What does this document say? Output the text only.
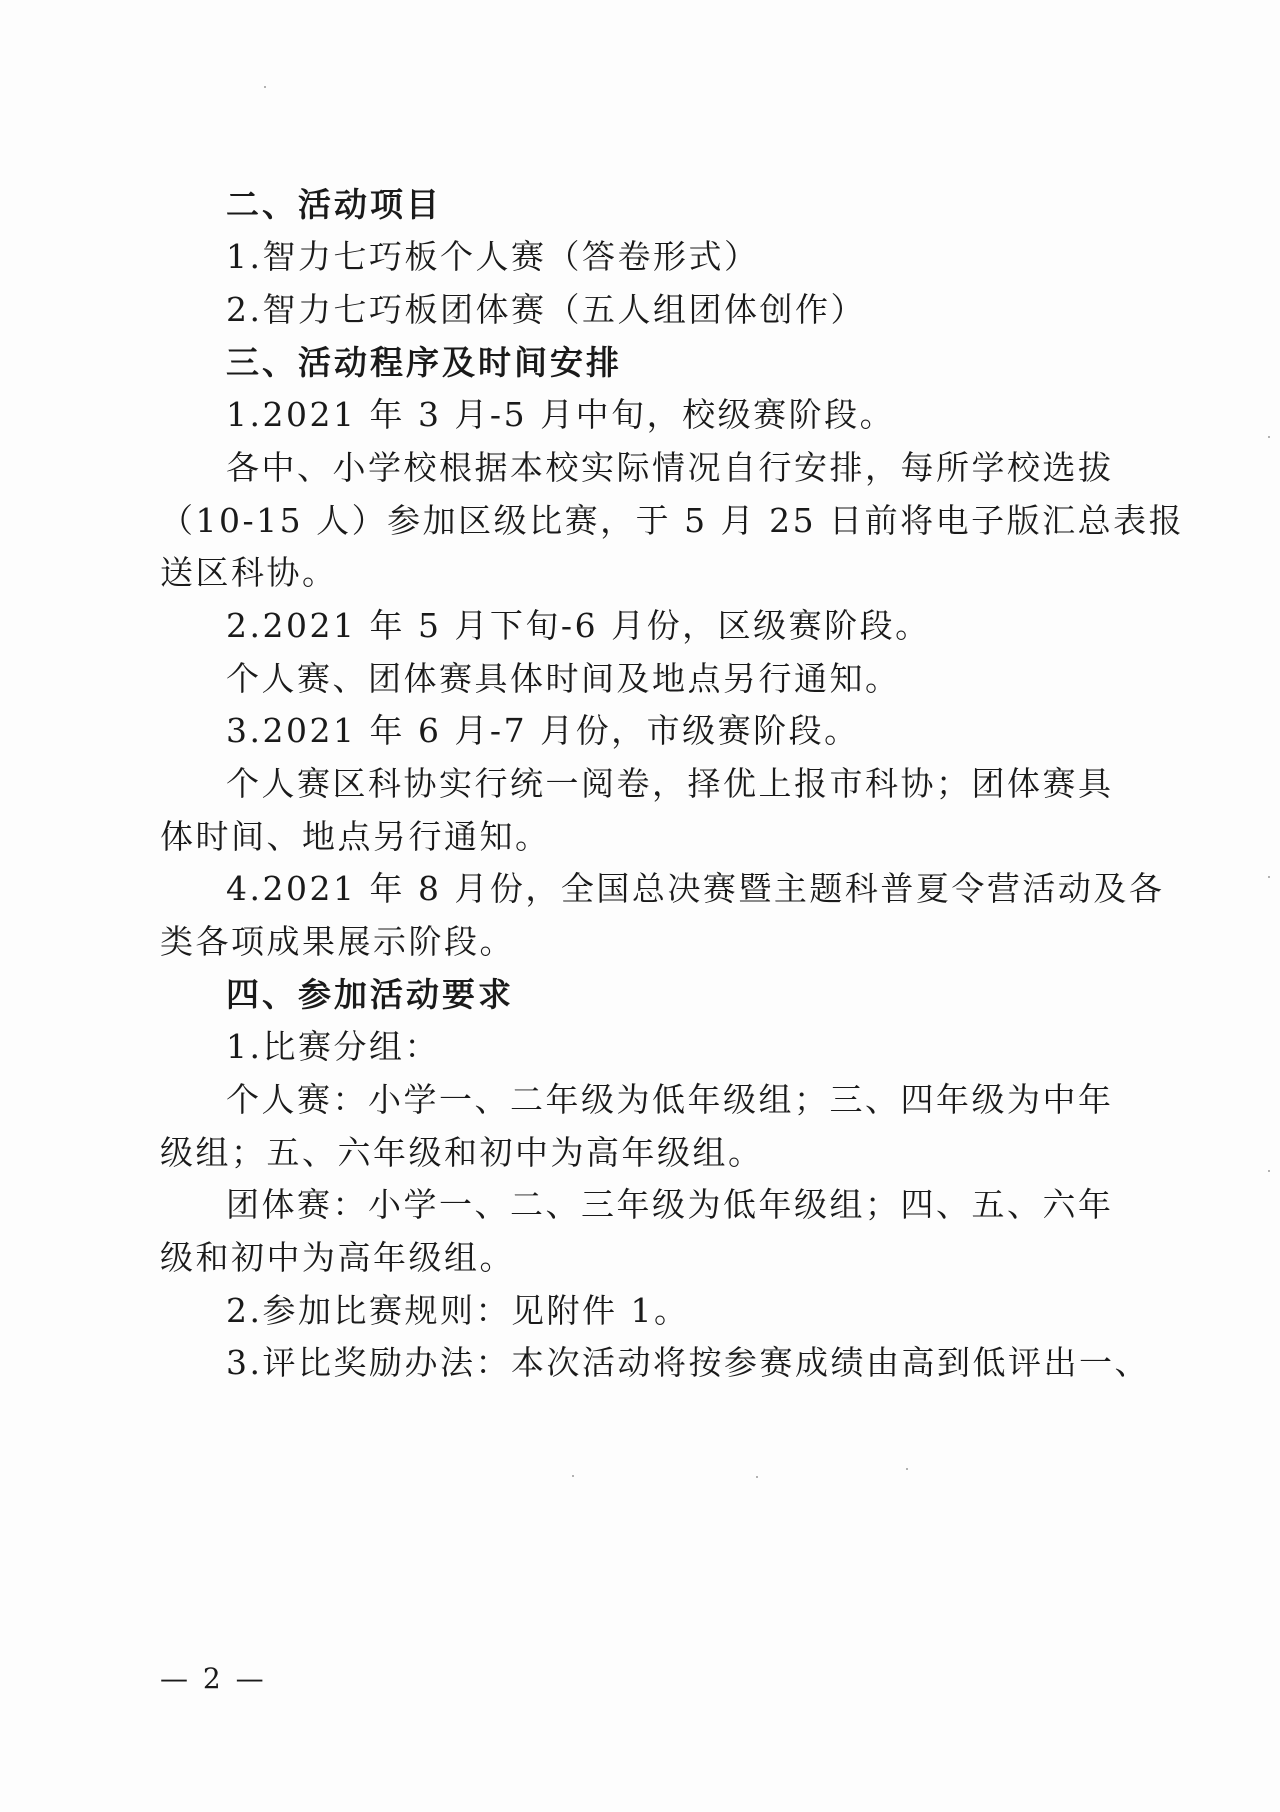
二、活动项目
1.智力七巧板个人赛（答卷形式）
2.智力七巧板团体赛（五人组团体创作）
三、活动程序及时间安排
1.2021 年 3 月-5 月中旬，校级赛阶段。
各中、小学校根据本校实际情况自行安排，每所学校选拔
（10-15 人）参加区级比赛，于 5 月 25 日前将电子版汇总表报
送区科协。
2.2021 年 5 月下旬-6 月份，区级赛阶段。
个人赛、团体赛具体时间及地点另行通知。
3.2021 年 6 月-7 月份，市级赛阶段。
个人赛区科协实行统一阅卷，择优上报市科协；团体赛具
体时间、地点另行通知。
4.2021 年 8 月份，全国总决赛暨主题科普夏令营活动及各
类各项成果展示阶段。
四、参加活动要求
1.比赛分组：
个人赛：小学一、二年级为低年级组；三、四年级为中年
级组；五、六年级和初中为高年级组。
团体赛：小学一、二、三年级为低年级组；四、五、六年
级和初中为高年级组。
2.参加比赛规则：见附件 1。
3.评比奖励办法：本次活动将按参赛成绩由高到低评出一、
— 2 —
